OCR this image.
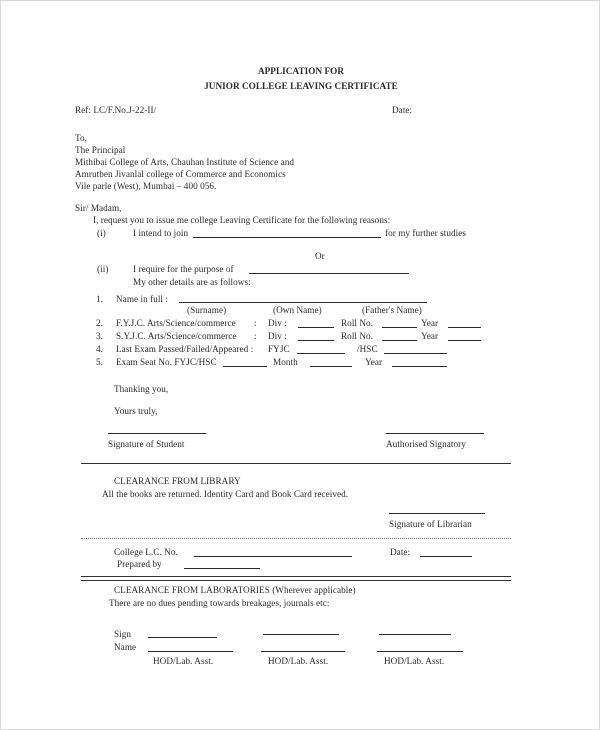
APPLICATION FOR
JUNIOR COLLEGE LEAVING CERTIFICATE
Ref: LC/F.No.J-22-II/	Date:
To,
The Principal
Mithibai College of Arts, Chauhan Institute of Science and
Amrutben Jivanlal college of Commerce and Economics
Vile parle (West), Mumbai – 400 056.
Sir/ Madam,
I, request you to issue me college Leaving Certificate for the following reasons:
(i)	I intend to join	for my further studies
Or
(ii)	I require for the purpose of
My other details are as follows:
1. Name in full :
(Surname)	(Own Name)	(Father's Name)
2. F.Y.J.C. Arts/Science/commerce : Div :	Roll No.	Year
3. S.Y.J.C. Arts/Science/commerce : Div :	Roll No.	Year
4. Last Exam Passed/Failed/Appeared : FYJC	/HSC
5. Exam Seat No. FYJC/HSC	Month	Year
Thanking you,
Yours truly,
Signature of Student	Authorised Signatory
CLEARANCE FROM LIBRARY
All the books are returned. Identity Card and Book Card received.
Signature of Librarian
College L.C. No.	Date:
Prepared by
CLEARANCE FROM LABORATORIES (Wherever applicable)
There are no dues pending towards breakages, journals etc:
Sign
Name
HOD/Lab. Asst.	HOD/Lab. Asst.	HOD/Lab. Asst.
